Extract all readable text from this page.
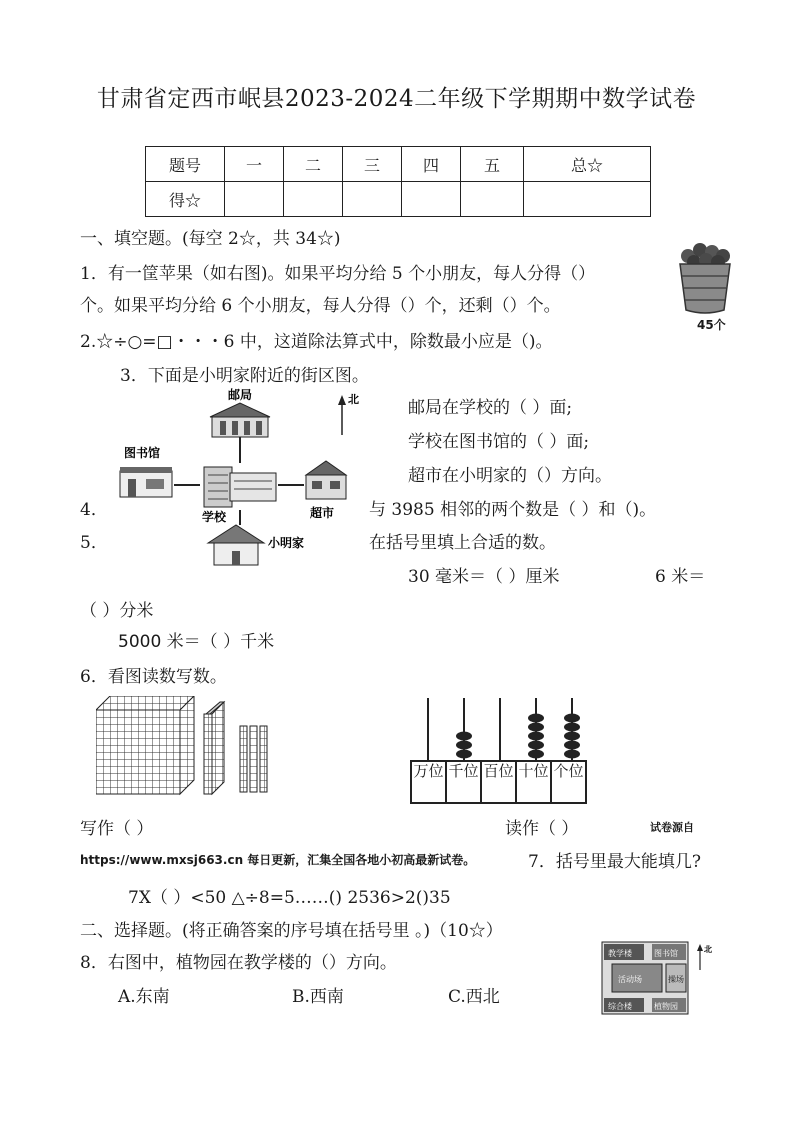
甘肃省定西市岷县2023-2024二年级下学期期中数学试卷
题号	一	二	三	四	五	总☆
得☆						
一、填空题。(每空 2☆，共 34☆)
1．有一筐苹果（如右图)。如果平均分给 5 个小朋友，每人分得（）
个。如果平均分给 6 个小朋友，每人分得（）个，还剩（）个。
45个
2.☆÷○=□・・・6 中，这道除法算式中，除数最小应是（)。
3．下面是小明家附近的街区图。
北
邮局
图书馆
学校	超市
小明家
邮局在学校的（ ）面;
学校在图书馆的（ ）面;
超市在小明家的（）方向。
4．	与 3985 相邻的两个数是（ ）和（)。
5．	在括号里填上合适的数。
30 毫米＝（ ）厘米	6 米＝
（ ）分米
5000 米＝（ ）千米
6．看图读数写数。
万位 千位 百位 十位 个位
写作（ ）	读作（ ）	试卷源自
https://www.mxsj663.cn 每日更新，汇集全国各地小初高最新试卷。	7．括号里最大能填几?
7X（ ）<50 △÷8=5……() 2536>2()35
二、选择题。(将正确答案的序号填在括号里 。)（10☆）
8．右图中，植物园在教学楼的（）方向。
A.东南	B.西南	C.西北
教学楼	图书馆
活动场	操场
综合楼	植物园
北
